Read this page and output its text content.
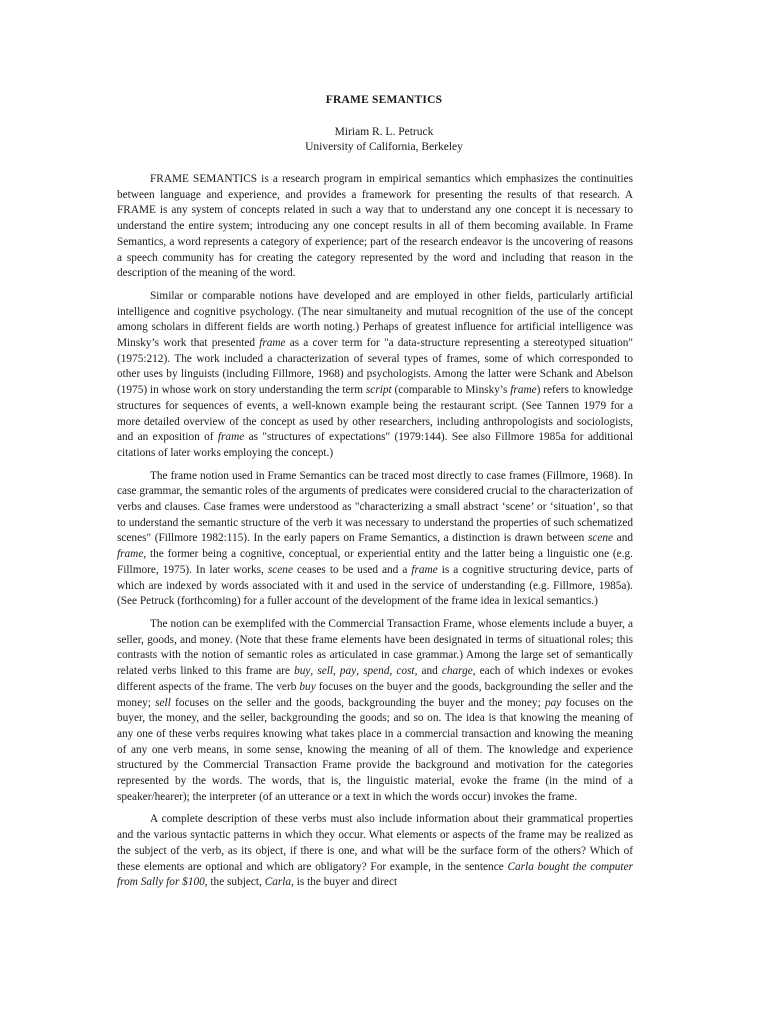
FRAME SEMANTICS
Miriam R. L. Petruck
University of California, Berkeley

FRAME SEMANTICS is a research program in empirical semantics which emphasizes the continuities between language and experience, and provides a framework for presenting the results of that research. A FRAME is any system of concepts related in such a way that to understand any one concept it is necessary to understand the entire system; introducing any one concept results in all of them becoming available. In Frame Semantics, a word represents a category of experience; part of the research endeavor is the uncovering of reasons a speech community has for creating the category represented by the word and including that reason in the description of the meaning of the word.

Similar or comparable notions have developed and are employed in other fields, particularly artificial intelligence and cognitive psychology. (The near simultaneity and mutual recognition of the use of the concept among scholars in different fields are worth noting.) Perhaps of greatest influence for artificial intelligence was Minsky’s work that presented frame as a cover term for "a data-structure representing a stereotyped situation" (1975:212). The work included a characterization of several types of frames, some of which corresponded to other uses by linguists (including Fillmore, 1968) and psychologists. Among the latter were Schank and Abelson (1975) in whose work on story understanding the term script (comparable to Minsky’s frame) refers to knowledge structures for sequences of events, a well-known example being the restaurant script. (See Tannen 1979 for a more detailed overview of the concept as used by other researchers, including anthropologists and sociologists, and an exposition of frame as "structures of expectations" (1979:144). See also Fillmore 1985a for additional citations of later works employing the concept.)

The frame notion used in Frame Semantics can be traced most directly to case frames (Fillmore, 1968). In case grammar, the semantic roles of the arguments of predicates were considered crucial to the characterization of verbs and clauses. Case frames were understood as "characterizing a small abstract ‘scene’ or ‘situation’, so that to understand the semantic structure of the verb it was necessary to understand the properties of such schematized scenes" (Fillmore 1982:115). In the early papers on Frame Semantics, a distinction is drawn between scene and frame, the former being a cognitive, conceptual, or experiential entity and the latter being a linguistic one (e.g. Fillmore, 1975). In later works, scene ceases to be used and a frame is a cognitive structuring device, parts of which are indexed by words associated with it and used in the service of understanding (e.g. Fillmore, 1985a). (See Petruck (forthcoming) for a fuller account of the development of the frame idea in lexical semantics.)

The notion can be exemplifed with the Commercial Transaction Frame, whose elements include a buyer, a seller, goods, and money. (Note that these frame elements have been designated in terms of situational roles; this contrasts with the notion of semantic roles as articulated in case grammar.) Among the large set of semantically related verbs linked to this frame are buy, sell, pay, spend, cost, and charge, each of which indexes or evokes different aspects of the frame. The verb buy focuses on the buyer and the goods, backgrounding the seller and the money; sell focuses on the seller and the goods, backgrounding the buyer and the money; pay focuses on the buyer, the money, and the seller, backgrounding the goods; and so on. The idea is that knowing the meaning of any one of these verbs requires knowing what takes place in a commercial transaction and knowing the meaning of any one verb means, in some sense, knowing the meaning of all of them. The knowledge and experience structured by the Commercial Transaction Frame provide the background and motivation for the categories represented by the words. The words, that is, the linguistic material, evoke the frame (in the mind of a speaker/hearer); the interpreter (of an utterance or a text in which the words occur) invokes the frame.

A complete description of these verbs must also include information about their grammatical properties and the various syntactic patterns in which they occur. What elements or aspects of the frame may be realized as the subject of the verb, as its object, if there is one, and what will be the surface form of the others? Which of these elements are optional and which are obligatory? For example, in the sentence Carla bought the computer from Sally for $100, the subject, Carla, is the buyer and direct
